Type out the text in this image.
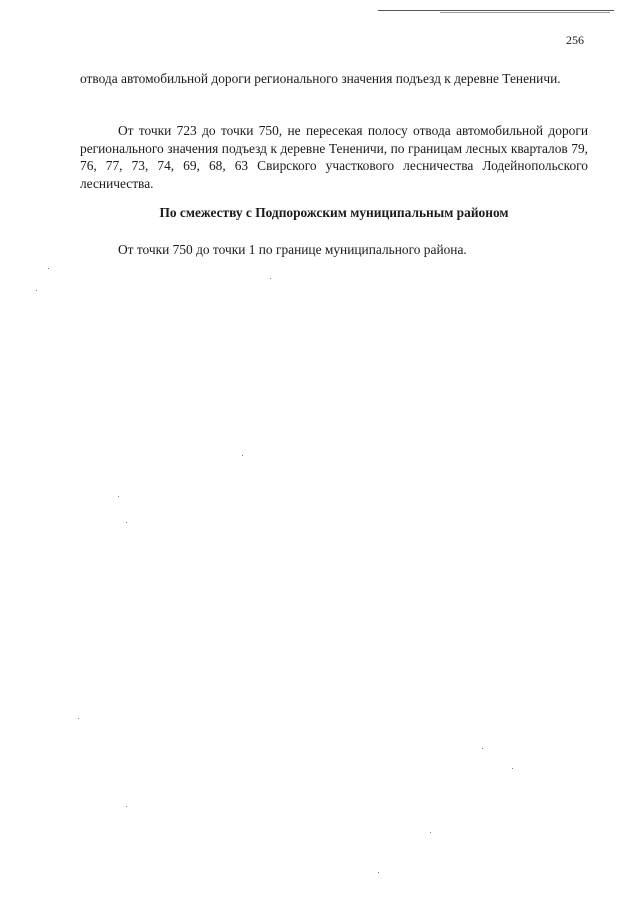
256
отвода автомобильной дороги регионального значения подъезд к деревне Тененичи.
От точки 723 до точки 750, не пересекая полосу отвода автомобильной дороги регионального значения подъезд к деревне Тененичи, по границам лесных кварталов 79, 76, 77, 73, 74, 69, 68, 63 Свирского участкового лесничества Лодейнопольского лесничества.
По смежеству с Подпорожским муниципальным районом
От точки 750 до точки 1 по границе муниципального района.
